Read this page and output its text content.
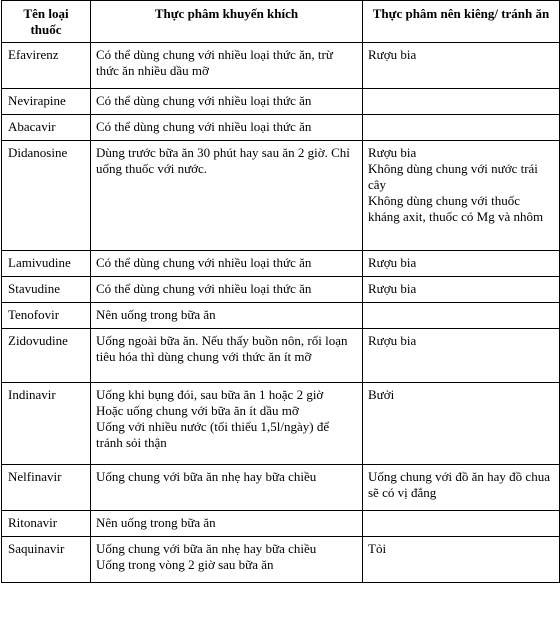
Tên loại thuốc	Thực phâm khuyến khích	Thực phâm nên kiêng/ tránh ăn
Efavirenz	Có thể dùng chung với nhiều loại thức ăn, trừ thức ăn nhiều dầu mỡ	Rượu bia

Nevirapine	Có thể dùng chung với nhiều loại thức ăn	

Abacavir	Có thể dùng chung với nhiều loại thức ăn	

Didanosine	Dùng trước bữa ăn 30 phút hay sau ăn 2 giờ. Chỉ uống thuốc với nước.	Rượu bia
Không dùng chung với nước trái cây
Không dùng chung với thuốc kháng axit, thuốc có Mg và nhôm

Lamivudine	Có thể dùng chung với nhiều loại thức ăn	Rượu bia

Stavudine	Có thể dùng chung với nhiều loại thức ăn	Rượu bia

Tenofovir	Nên uống trong bữa ăn	

Zidovudine	Uống ngoài bữa ăn. Nếu thấy buồn nôn, rối loạn tiêu hóa thì dùng chung với thức ăn ít mỡ	Rượu bia

Indinavir	Uống khi bụng đói, sau bữa ăn 1 hoặc 2 giờ
Hoặc uống chung với bữa ăn ít dầu mỡ
Uống với nhiều nước (tối thiểu 1,5l/ngày) để tránh sỏi thận	Bưởi

Nelfinavir	Uống chung với bữa ăn nhẹ hay bữa chiều	Uống chung với đồ ăn hay đồ chua sẽ có vị đắng

Ritonavir	Nên uống trong bữa ăn	

Saquinavir	Uống chung với bữa ăn nhẹ hay bữa chiều
Uống trong vòng 2 giờ sau bữa ăn	Tỏi
